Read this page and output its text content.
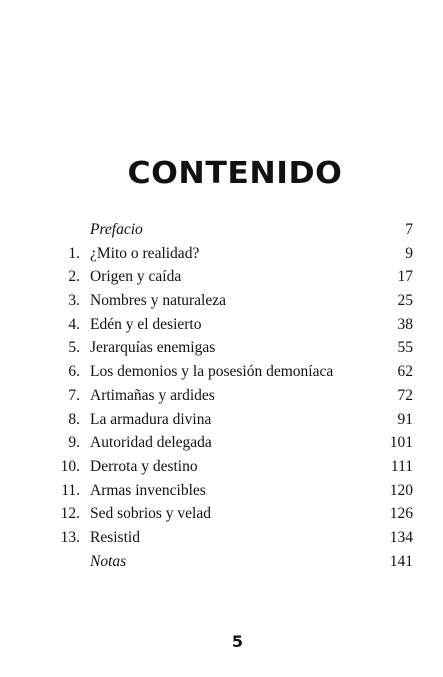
CONTENIDO
Prefacio	7
1. ¿Mito o realidad?	9
2. Origen y caída	17
3. Nombres y naturaleza	25
4. Edén y el desierto	38
5. Jerarquías enemigas	55
6. Los demonios y la posesión demoníaca	62
7. Artimañas y ardides	72
8. La armadura divina	91
9. Autoridad delegada	101
10. Derrota y destino	111
11. Armas invencibles	120
12. Sed sobrios y velad	126
13. Resistid	134
Notas	141
5
